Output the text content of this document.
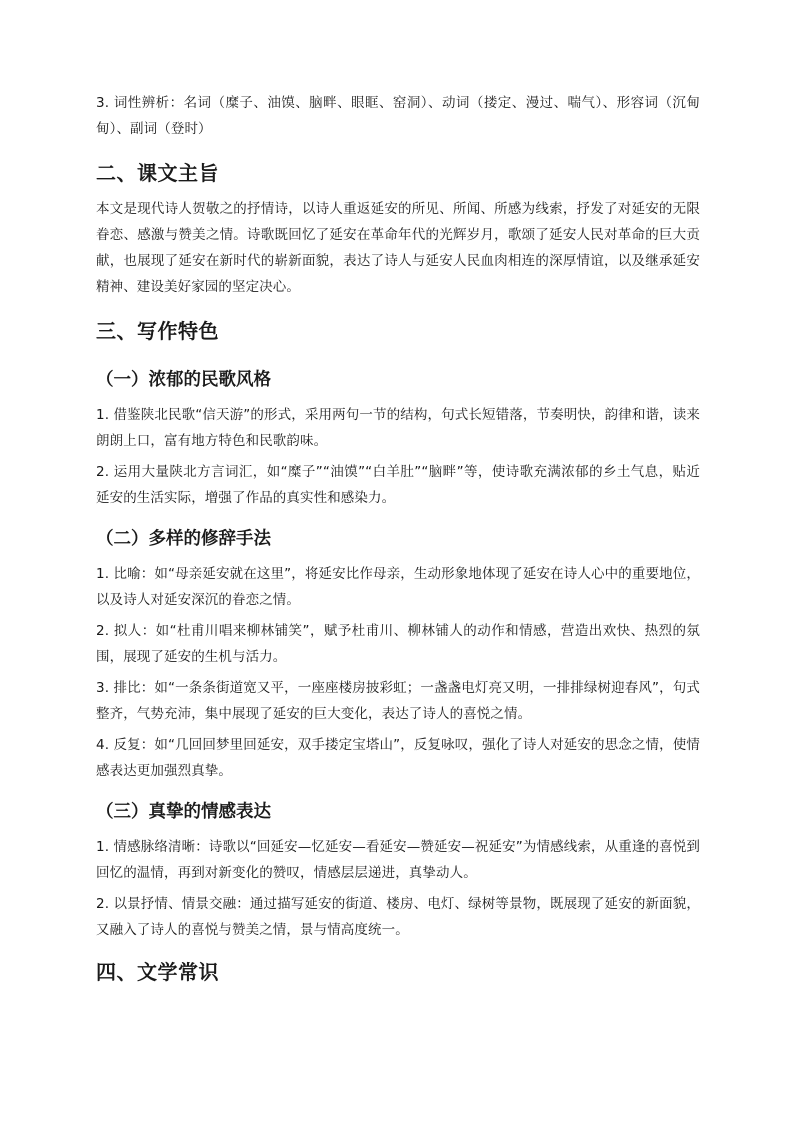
3. 词性辨析：名词（糜子、油馍、脑畔、眼眶、窑洞）、动词（搂定、漫过、喘气）、形容词（沉甸甸）、副词（登时）

二、课文主旨

本文是现代诗人贺敬之的抒情诗，以诗人重返延安的所见、所闻、所感为线索，抒发了对延安的无限眷恋、感激与赞美之情。诗歌既回忆了延安在革命年代的光辉岁月，歌颂了延安人民对革命的巨大贡献，也展现了延安在新时代的崭新面貌，表达了诗人与延安人民血肉相连的深厚情谊，以及继承延安精神、建设美好家园的坚定决心。

三、写作特色
（一）浓郁的民歌风格

1. 借鉴陕北民歌“信天游”的形式，采用两句一节的结构，句式长短错落，节奏明快，韵律和谐，读来朗朗上口，富有地方特色和民歌韵味。

2. 运用大量陕北方言词汇，如“糜子”“油馍”“白羊肚”“脑畔”等，使诗歌充满浓郁的乡土气息，贴近延安的生活实际，增强了作品的真实性和感染力。

（二）多样的修辞手法

1. 比喻：如“母亲延安就在这里”，将延安比作母亲，生动形象地体现了延安在诗人心中的重要地位，以及诗人对延安深沉的眷恋之情。

2. 拟人：如“杜甫川唱来柳林铺笑”，赋予杜甫川、柳林铺人的动作和情感，营造出欢快、热烈的氛围，展现了延安的生机与活力。

3. 排比：如“一条条街道宽又平，一座座楼房披彩虹；一盏盏电灯亮又明，一排排绿树迎春风”，句式整齐，气势充沛，集中展现了延安的巨大变化，表达了诗人的喜悦之情。

4. 反复：如“几回回梦里回延安，双手搂定宝塔山”，反复咏叹，强化了诗人对延安的思念之情，使情感表达更加强烈真挚。

（三）真挚的情感表达

1. 情感脉络清晰：诗歌以“回延安—忆延安—看延安—赞延安—祝延安”为情感线索，从重逢的喜悦到回忆的温情，再到对新变化的赞叹，情感层层递进，真挚动人。

2. 以景抒情、情景交融：通过描写延安的街道、楼房、电灯、绿树等景物，既展现了延安的新面貌，又融入了诗人的喜悦与赞美之情，景与情高度统一。

四、文学常识
